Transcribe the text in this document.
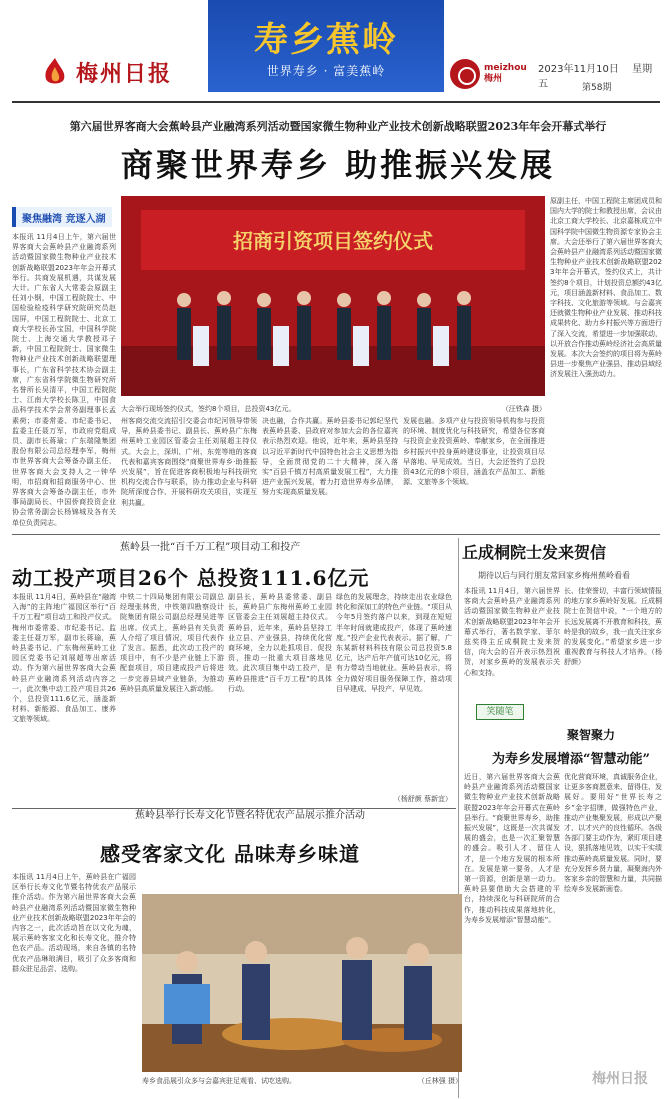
梅州日报
寿乡蕉岭
世界寿乡 · 富美蕉岭	meizhou
梅州
2023年11月10日 星期五	第58期
第六届世界客商大会蕉岭县产业融湾系列活动暨国家微生物种业产业技术创新战略联盟2023年年会开幕式举行
商聚世界寿乡 助推振兴发展
聚焦融湾 竞逐入湖
本报讯 11月4日上午，第六届世界客商大会蕉岭县产业融湾系列活动暨国家微生物种业产业技术创新战略联盟2023年年会开幕式举行。共商发展机遇，共谋发展大计。广东省人大常委会原副主任刘小钢，中国工程院院士、中国检验检疫科学研究院研究员赵国屏，中国工程院院士、北京工商大学校长孙宝国，中国科学院院士、上海交通大学教授邓子新，中国工程院院士、国家微生物种业产业技术创新战略联盟理事长，广东省科学技术协会副主席，广东省科学院微生物研究所名誉所长吴清平，中国工程院院士、江南大学校长陈卫，中国食品科学技术学会常务副理事长孟素荷；市委常委、市纪委书记、监委主任聂万军，市政府党组成员、副市长蒋瑜；广东瑞隆集团股份有限公司总经理李军，梅州市世界客商大会筹备办副主任，世界客商大会支持人之一钟华明，市招商和招商服务中心、世界客商大会筹备办副主任，市外事局副局长、中国侨商投资企业协会常务副会长杨锦城及各有关单位负责同志。
招商引资项目签约仪式
大会举行现场签约仪式，签约8个项目，总投资43亿元。	（汪铁森 摄）
州客商交流交流招引交委会市纪河领导带领导，蕉岭县委书记、副县长、蕉岭县广东梅州蕉岭工业园区管委会主任刘展超主持仪式。大会上，深圳、广州、东莞等地的客商代表和嘉宾客商围绕“商聚世界寿乡·助推振兴发展”，旨在促进客商积极地与科技研究机构交流合作与联系，协力推动企业与科研院所深度合作、开展科研攻关项目，实现互利共赢。
决也融，合作共赢。蕉岭县委书记郭纪坚代表蕉岭县委、县政府对参加大会的各位嘉宾表示热烈欢迎。他说，近年来，蕉岭县坚持以习近平新时代中国特色社会主义思想为指导，全面贯彻党的二十大精神，深入落实“百县千镇万村高质量发展工程”，大力推进产业振兴发展，着力打造世界寿乡品牌，努力实现高质量发展。
发展也融。多项产业与投资领导机构参与投资的环境、制度优化与科技研究，希望各位客商与投资企业投资蕉岭、奉献家乡，在全面推进乡村振兴中投身蕉岭建设事业，让投资项目尽早落地、早见成效。当日，大会还签约了总投资43亿元的8个项目，涵盖农产品加工、新能源、文旅等多个领域。
原副主任，中国工程院主席团成员和国内大学的院士和教授出席，会议由北京工商大学校长、北京嘉栋成立中国科学院中国微生物资源专家协会主席。大会还举行了第六届世界客商大会蕉岭县产业融湾系列活动暨国家微生物种业产业技术创新战略联盟2023年年会开幕式，签约仪式上，共计签约8个项目，计划投资总额约43亿元，项目涵盖新材料、食品加工、数字科技、文化旅游等领域。与会嘉宾还就微生物种业产业发展、推动科技成果转化、助力乡村振兴等方面进行了深入交流，希望进一步加强联动，以开放合作推动蕉岭经济社会高质量发展。本次大会签约的项目将为蕉岭县进一步聚焦产业强县、推动县域经济发展注入强劲动力。
蕉岭县一批“百千万工程”项目动工和投产
动工投产项目26个 总投资111.6亿元
本报讯 11月4日，蕉岭县在“融湾入海”的主阵地广福园区举行“百千万工程”项目动工和投产仪式。梅州市委常委、市纪委书记、监委主任聂万军，副市长蒋瑜，蕉岭县委书记、广东梅州蕉岭工业园区党委书记刘展超等出席活动。作为第六届世界客商大会蕉岭县产业融湾系列活动内容之一，此次集中动工投产项目共26个，总投资111.6亿元，涵盖新材料、新能源、食品加工、康养文旅等领域。
中铁二十四局集团有限公司副总经理张林贵，中铁第四勘察设计院集团有限公司副总经理吴进等出席。仪式上，蕉岭县有关负责人介绍了项目情况，项目代表作了发言。据悉，此次动工投产的项目中，有不少是产业链上下游配套项目，项目建成投产后将进一步完善县域产业链条，为推动蕉岭县高质量发展注入新动能。
副县长，蕉岭县委常委、副县长，蕉岭县广东梅州蕉岭工业园区管委会主任刘展超主持仪式。蕉岭县，近年来，蕉岭县坚持工业立县、产业强县，持续优化营商环境，全力以赴抓项目、促投资，推动一批重大项目落地见效。此次项目集中动工投产，是蕉岭县推进“百千万工程”的具体行动。
绿色的发展理念，持续走出农业绿色转化和深加工的特色产业链。“项目从今年5月签约落户以来，到现在短短半年时间就建成投产，体现了蕉岭速度。”投产企业代表表示。据了解，广东某新材料科技有限公司总投资5.8亿元，达产后年产值可达10亿元，将有力带动当地就业。蕉岭县表示，将全力做好项目服务保障工作，推动项目早建成、早投产、早见效。
（杨舒颜 蔡新宜）
丘成桐院士发来贺信
期待以后与同行朋友常回家乡梅州蕉岭看看
本报讯 11月4日，第六届世界客商大会蕉岭县产业融湾系列活动暨国家微生物种业产业技术创新战略联盟2023年年会开幕式举行，著名数学家、菲尔兹奖得主丘成桐院士发来贺信，向大会的召开表示热烈祝贺，对家乡蕉岭的发展表示关心和支持。
长、佳荣誉切，丰富行领域情报的地方家乡蕉岭好发展。丘成桐院士在贺信中说，“一个地方的长远发展离不开教育和科技，蕉岭是我的故乡，我一直关注家乡的发展变化。”希望家乡进一步重视教育与科技人才培养。（杨舒颜）
笑随笔
聚智聚力
为寿乡发展增添“智慧动能”
近日，第六届世界客商大会蕉岭县产业融湾系列活动暨国家微生物种业产业技术创新战略联盟2023年年会开幕式在蕉岭县举行。“商聚世界寿乡，助推振兴发展”，这既是一次共谋发展的盛会，也是一次汇聚智慧的盛会。吸引人才、留住人才，是一个地方发展的根本所在。发展是第一要务，人才是第一资源，创新是第一动力。蕉岭县要借助大会搭建的平台，持续深化与科研院所的合作，推动科技成果落地转化，为寿乡发展增添“智慧动能”。
优化营商环境，真诚服务企业，让更多客商愿意来、留得住、发展好。要用好“世界长寿之乡”金字招牌，做强特色产业，推动产业集聚发展，形成以产聚才、以才兴产的良性循环。各级各部门要主动作为，紧盯项目建设，狠抓落地见效，以实干实绩推动蕉岭高质量发展。同时，要充分发挥乡贤力量，凝聚海内外客家乡亲的智慧和力量，共同描绘寿乡发展新画卷。
蕉岭县举行长寿文化节暨名特优农产品展示推介活动
感受客家文化 品味寿乡味道
本报讯 11月4日上午，蕉岭县在广福园区举行长寿文化节暨名特优农产品展示推介活动。作为第六届世界客商大会蕉岭县产业融湾系列活动暨国家微生物种业产业技术创新战略联盟2023年年会的内容之一，此次活动旨在以文化为魂，展示蕉岭客家文化和长寿文化，推介特色农产品。活动现场，来自各镇的名特优农产品琳琅满目，吸引了众多客商和群众驻足品尝、选购。
寿乡食品展引众多与会嘉宾驻足观看、试吃选购。	（丘林强 摄）	梅州日报
